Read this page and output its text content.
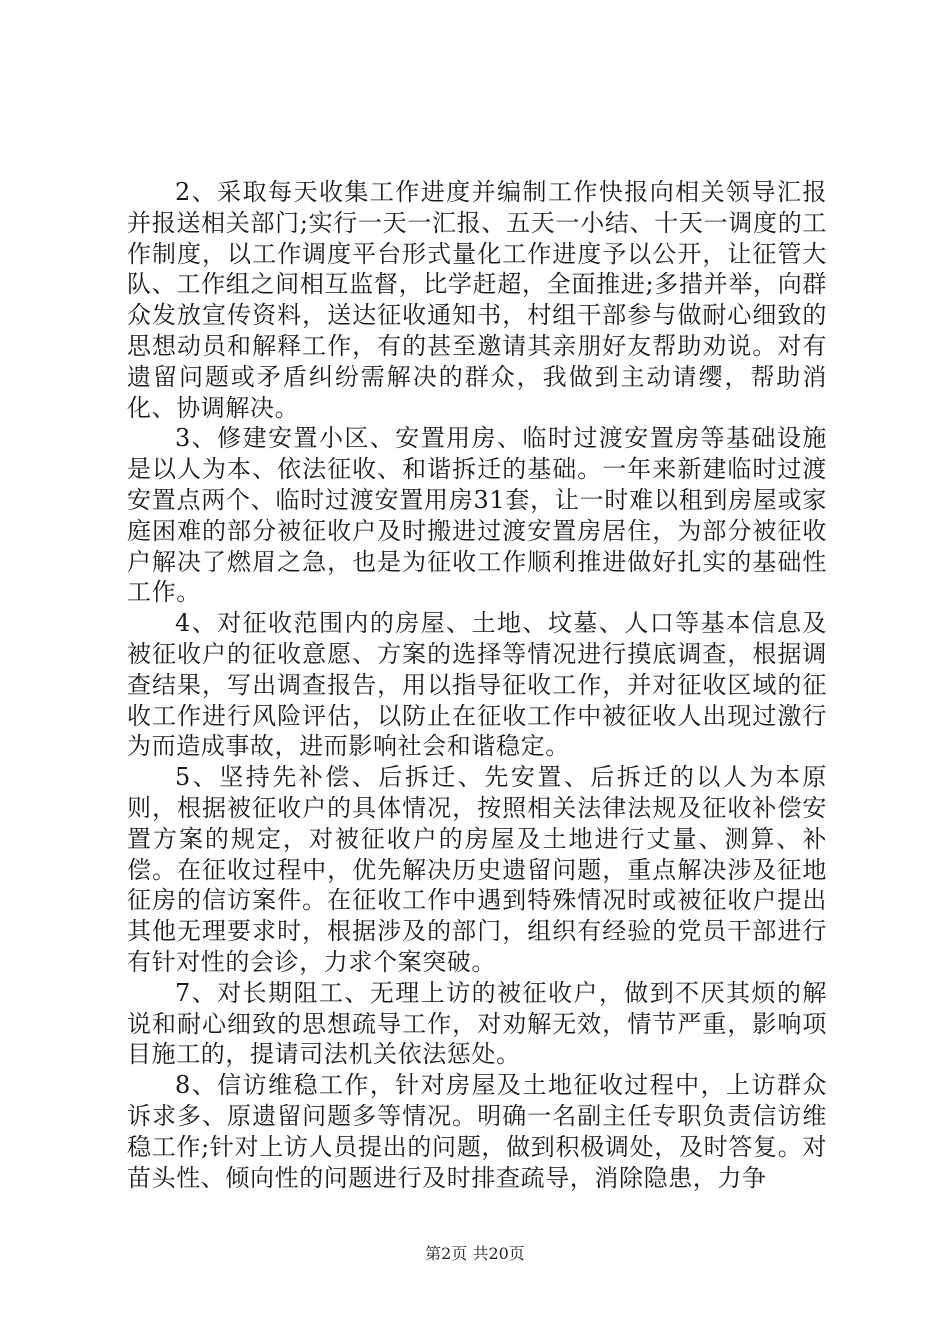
2、采取每天收集工作进度并编制工作快报向相关领导汇报并报送相关部门;实行一天一汇报、五天一小结、十天一调度的工作制度，以工作调度平台形式量化工作进度予以公开，让征管大队、工作组之间相互监督，比学赶超，全面推进;多措并举，向群众发放宣传资料，送达征收通知书，村组干部参与做耐心细致的思想动员和解释工作，有的甚至邀请其亲朋好友帮助劝说。对有遗留问题或矛盾纠纷需解决的群众，我做到主动请缨，帮助消化、协调解决。

3、修建安置小区、安置用房、临时过渡安置房等基础设施是以人为本、依法征收、和谐拆迁的基础。一年来新建临时过渡安置点两个、临时过渡安置用房31套，让一时难以租到房屋或家庭困难的部分被征收户及时搬进过渡安置房居住，为部分被征收户解决了燃眉之急，也是为征收工作顺利推进做好扎实的基础性工作。

4、对征收范围内的房屋、土地、坟墓、人口等基本信息及被征收户的征收意愿、方案的选择等情况进行摸底调查，根据调查结果，写出调查报告，用以指导征收工作，并对征收区域的征收工作进行风险评估，以防止在征收工作中被征收人出现过激行为而造成事故，进而影响社会和谐稳定。

5、坚持先补偿、后拆迁、先安置、后拆迁的以人为本原则，根据被征收户的具体情况，按照相关法律法规及征收补偿安置方案的规定，对被征收户的房屋及土地进行丈量、测算、补偿。在征收过程中，优先解决历史遗留问题，重点解决涉及征地征房的信访案件。在征收工作中遇到特殊情况时或被征收户提出其他无理要求时，根据涉及的部门，组织有经验的党员干部进行有针对性的会诊，力求个案突破。

7、对长期阻工、无理上访的被征收户，做到不厌其烦的解说和耐心细致的思想疏导工作，对劝解无效，情节严重，影响项目施工的，提请司法机关依法惩处。

8、信访维稳工作，针对房屋及土地征收过程中，上访群众诉求多、原遗留问题多等情况。明确一名副主任专职负责信访维稳工作;针对上访人员提出的问题，做到积极调处，及时答复。对苗头性、倾向性的问题进行及时排查疏导，消除隐患，力争

第2页 共20页
